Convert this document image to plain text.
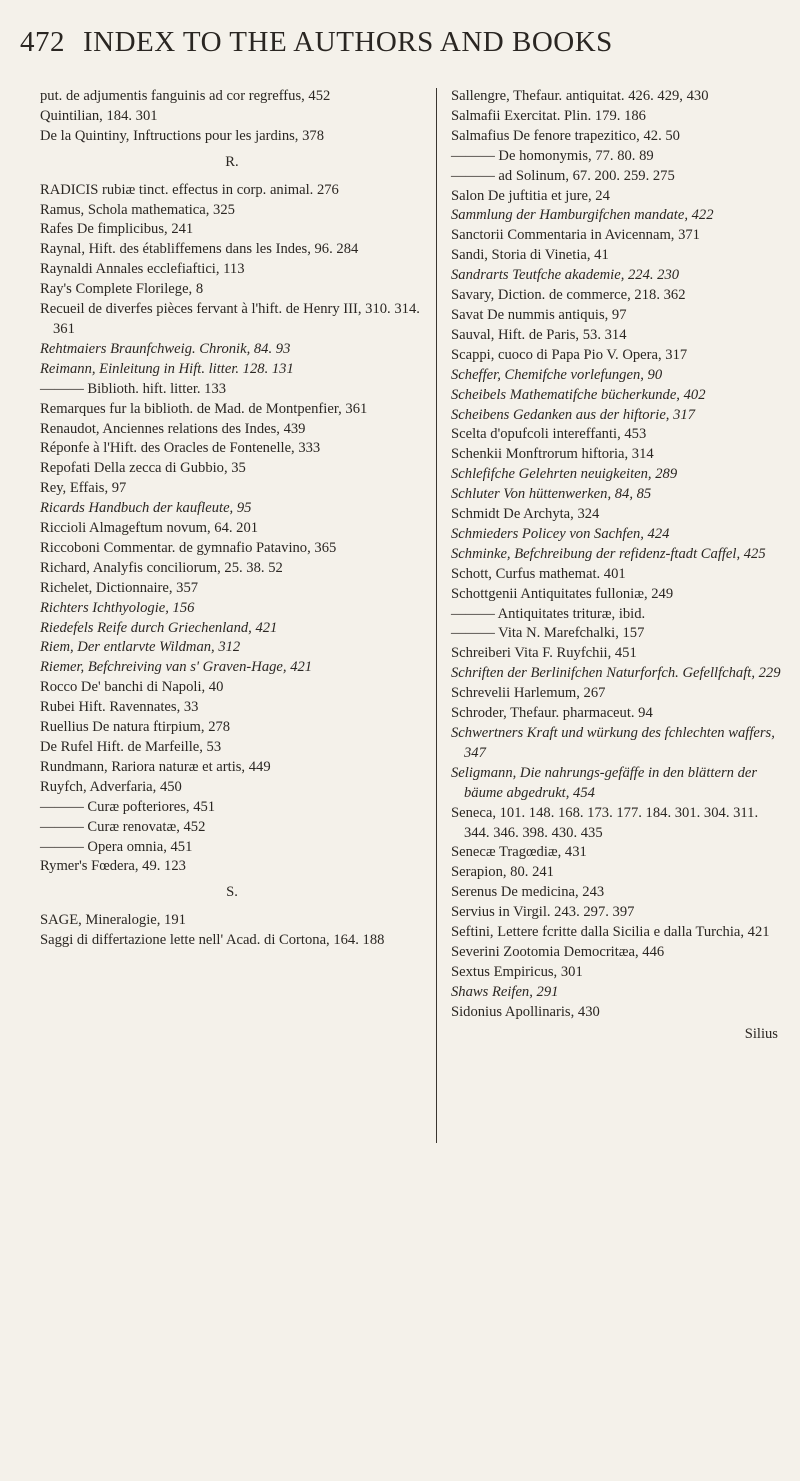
472 INDEX TO THE AUTHORS AND BOOKS
put. de adjumentis fanguinis ad cor regreffus, 452
Quintilian, 184. 301
De la Quintiny, Inftructions pour les jardins, 378
R.
RADICIS rubiæ tinct. effectus in corp. animal. 276
Ramus, Schola mathematica, 325
Rafes De fimplicibus, 241
Raynal, Hift. des établiffemens dans les Indes, 96. 284
Raynaldi Annales ecclefiaftici, 113
Ray's Complete Florilege, 8
Recueil de diverfes pièces fervant à l'hift. de Henry III, 310. 314. 361
Rehtmaiers Braunfchweig. Chronik, 84. 93
Reimann, Einleitung in Hift. litter. 128. 131
——— Biblioth. hift. litter. 133
Remarques fur la biblioth. de Mad. de Montpenfier, 361
Renaudot, Anciennes relations des Indes, 439
Réponfe à l'Hift. des Oracles de Fontenelle, 333
Repofati Della zecca di Gubbio, 35
Rey, Effais, 97
Ricards Handbuch der kaufleute, 95
Riccioli Almageftum novum, 64. 201
Riccoboni Commentar. de gymnafio Patavino, 365
Richard, Analyfis conciliorum, 25. 38. 52
Richelet, Dictionnaire, 357
Richters Ichthyologie, 156
Riedefels Reife durch Griechenland, 421
Riem, Der entlarvte Wildman, 312
Riemer, Befchreiving van s' Graven-Hage, 421
Rocco De' banchi di Napoli, 40
Rubei Hift. Ravennates, 33
Ruellius De natura ftirpium, 278
De Rufel Hift. de Marfeille, 53
Rundmann, Rariora naturæ et artis, 449
Ruyfch, Adverfaria, 450
——— Curæ pofteriores, 451
——— Curæ renovatæ, 452
——— Opera omnia, 451
Rymer's Fœdera, 49. 123
S.
SAGE, Mineralogie, 191
Saggi di differtazione lette nell' Acad. di Cortona, 164. 188
Sallengre, Thefaur. antiquitat. 426. 429, 430
Salmafii Exercitat. Plin. 179. 186
Salmafius De fenore trapezitico, 42. 50
——— De homonymis, 77. 80. 89
——— ad Solinum, 67. 200. 259. 275
Salon De juftitia et jure, 24
Sammlung der Hamburgifchen mandate, 422
Sanctorii Commentaria in Avicennam, 371
Sandi, Storia di Vinetia, 41
Sandrarts Teutfche akademie, 224. 230
Savary, Diction. de commerce, 218. 362
Savat De nummis antiquis, 97
Sauval, Hift. de Paris, 53. 314
Scappi, cuoco di Papa Pio V. Opera, 317
Scheffer, Chemifche vorlefungen, 90
Scheibels Mathematifche bücherkunde, 402
Scheibens Gedanken aus der hiftorie, 317
Scelta d'opufcoli intereffanti, 453
Schenkii Monftrorum hiftoria, 314
Schlefifche Gelehrten neuigkeiten, 289
Schluter Von hüttenwerken, 84, 85
Schmidt De Archyta, 324
Schmieders Policey von Sachfen, 424
Schminke, Befchreibung der refidenz-ftadt Caffel, 425
Schott, Curfus mathemat. 401
Schottgenii Antiquitates fulloniæ, 249
——— Antiquitates trituræ, ibid.
——— Vita N. Marefchalki, 157
Schreiberi Vita F. Ruyfchii, 451
Schriften der Berlinifchen Naturforfch. Gefellfchaft, 229
Schrevelii Harlemum, 267
Schroder, Thefaur. pharmaceut. 94
Schwertners Kraft und würkung des fchlechten waffers, 347
Seligmann, Die nahrungs-gefäffe in den blättern der bäume abgedrukt, 454
Seneca, 101. 148. 168. 173. 177. 184. 301. 304. 311. 344. 346. 398. 430. 435
Senecæ Tragœdiæ, 431
Serapion, 80. 241
Serenus De medicina, 243
Servius in Virgil. 243. 297. 397
Seftini, Lettere fcritte dalla Sicilia e dalla Turchia, 421
Severini Zootomia Democritæa, 446
Sextus Empiricus, 301
Shaws Reifen, 291
Sidonius Apollinaris, 430
Silius
